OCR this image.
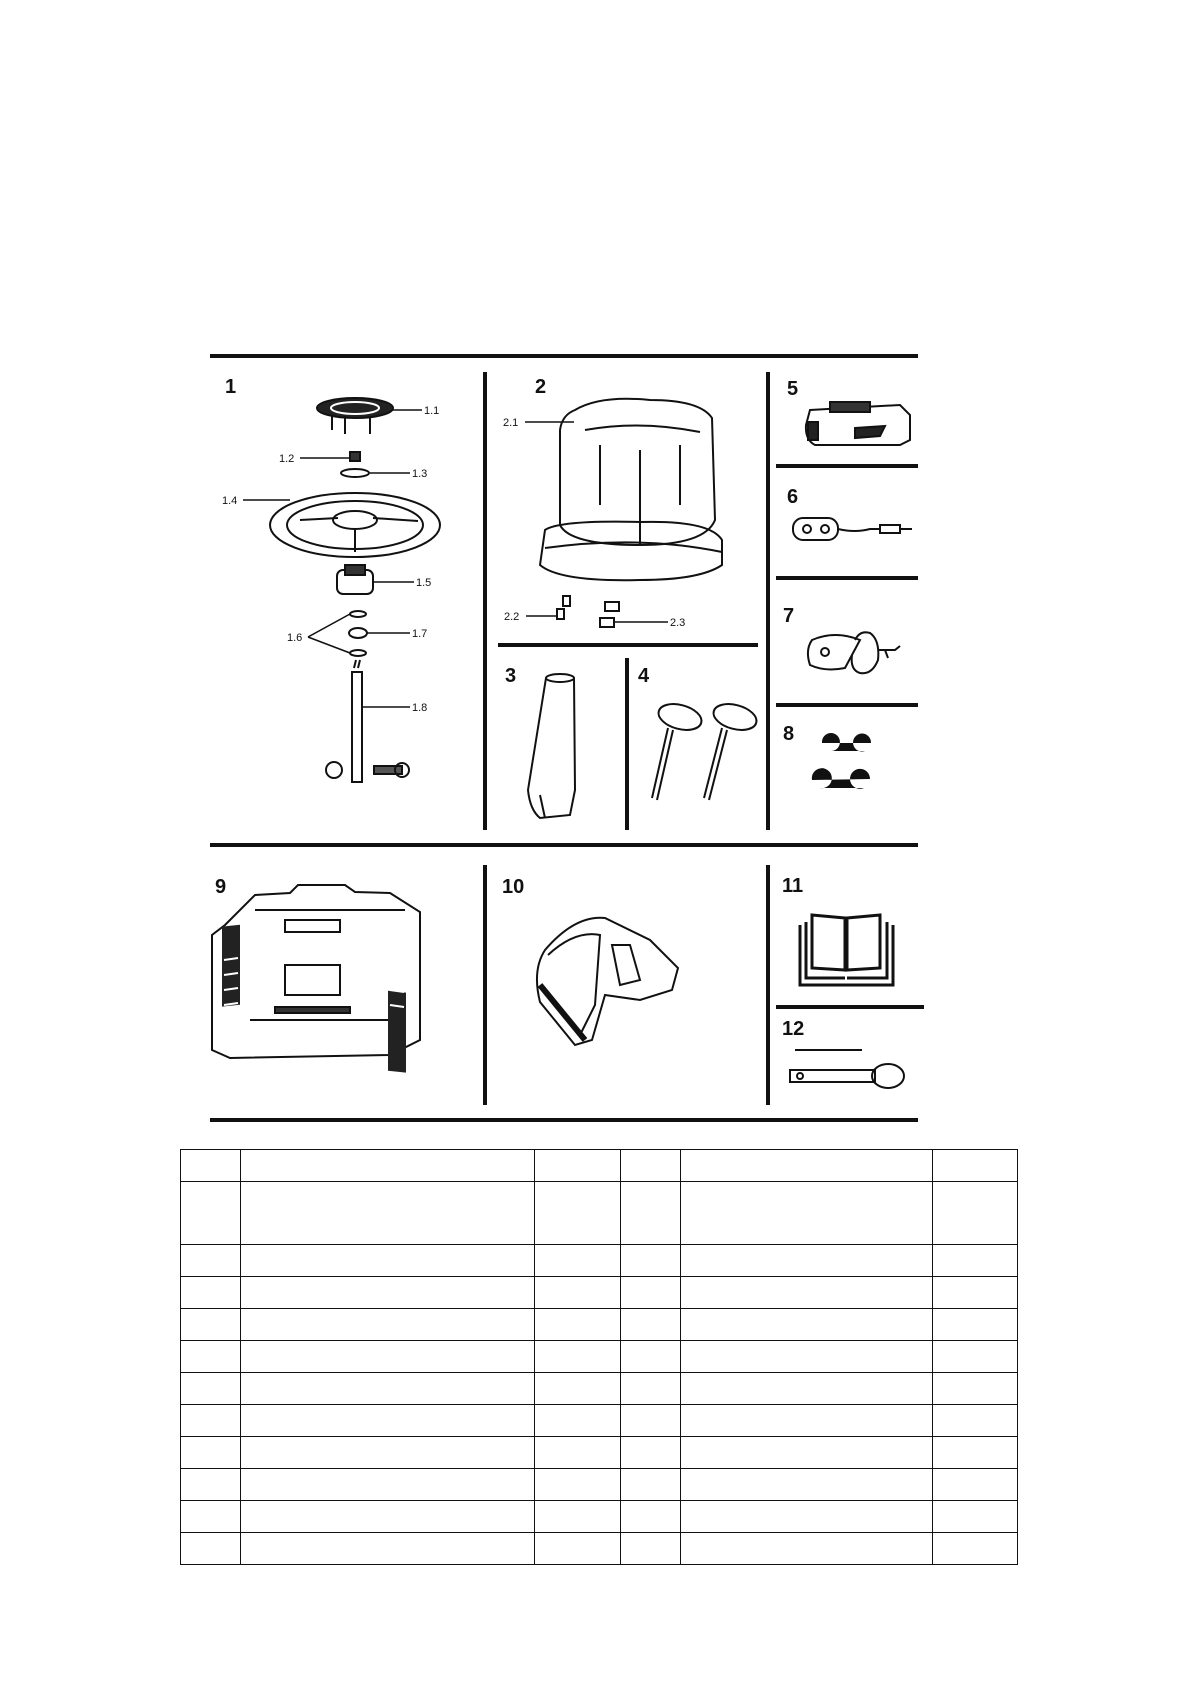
1
1.1
1.2
1.3
1.4
1.5
1.6	1.7
1.8
2
2.1
2.2	2.3
3	4
5
6
7
8
9	10	11
12
